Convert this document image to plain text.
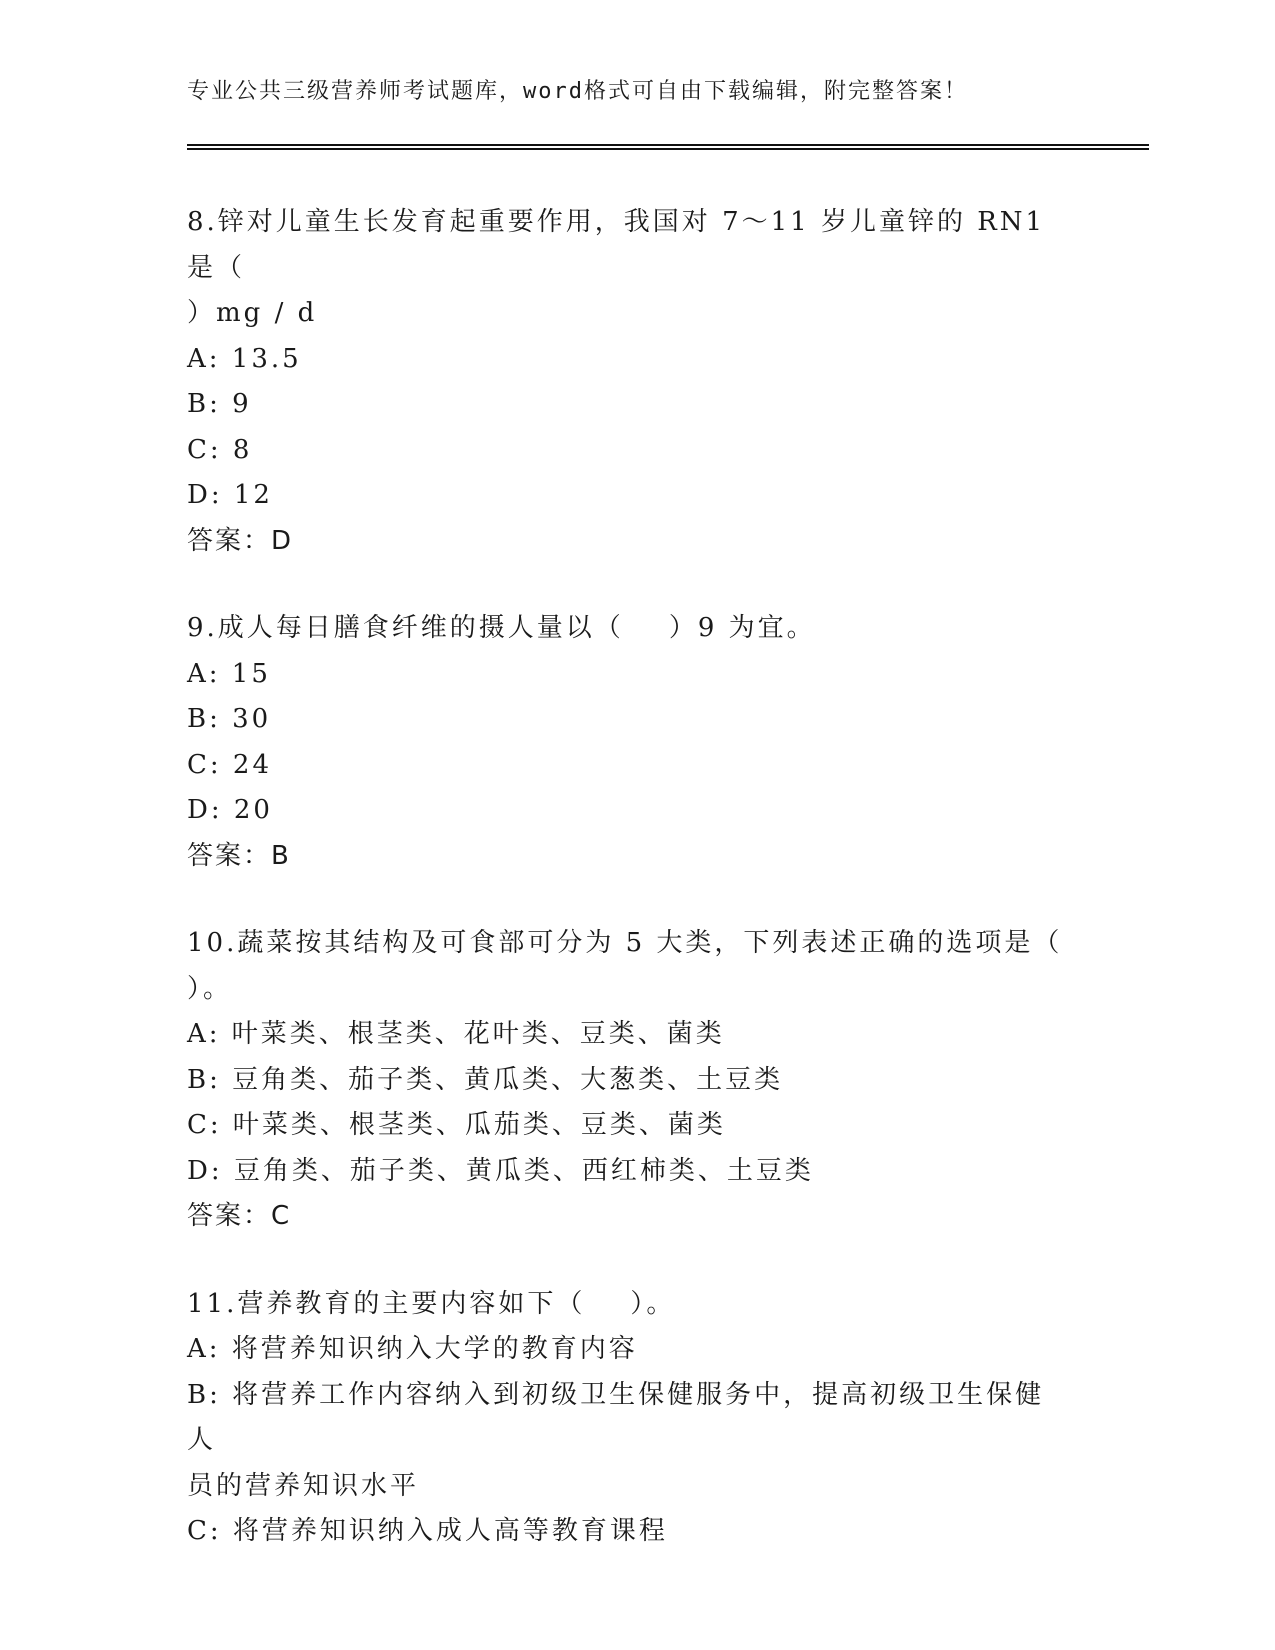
专业公共三级营养师考试题库，word格式可自由下载编辑，附完整答案！
8.锌对儿童生长发育起重要作用，我国对 7～11 岁儿童锌的 RN1 是（
）mg / d
A: 13.5
B: 9
C: 8
D: 12
答案：D
9.成人每日膳食纤维的摄人量以（    ）9 为宜。
A: 15
B: 30
C: 24
D: 20
答案：B
10.蔬菜按其结构及可食部可分为 5 大类，下列表述正确的选项是（
）。
A: 叶菜类、根茎类、花叶类、豆类、菌类
B: 豆角类、茄子类、黄瓜类、大葱类、土豆类
C: 叶菜类、根茎类、瓜茄类、豆类、菌类
D: 豆角类、茄子类、黄瓜类、西红柿类、土豆类
答案：C
11.营养教育的主要内容如下（    ）。
A: 将营养知识纳入大学的教育内容
B: 将营养工作内容纳入到初级卫生保健服务中，提高初级卫生保健人
员的营养知识水平
C: 将营养知识纳入成人高等教育课程
